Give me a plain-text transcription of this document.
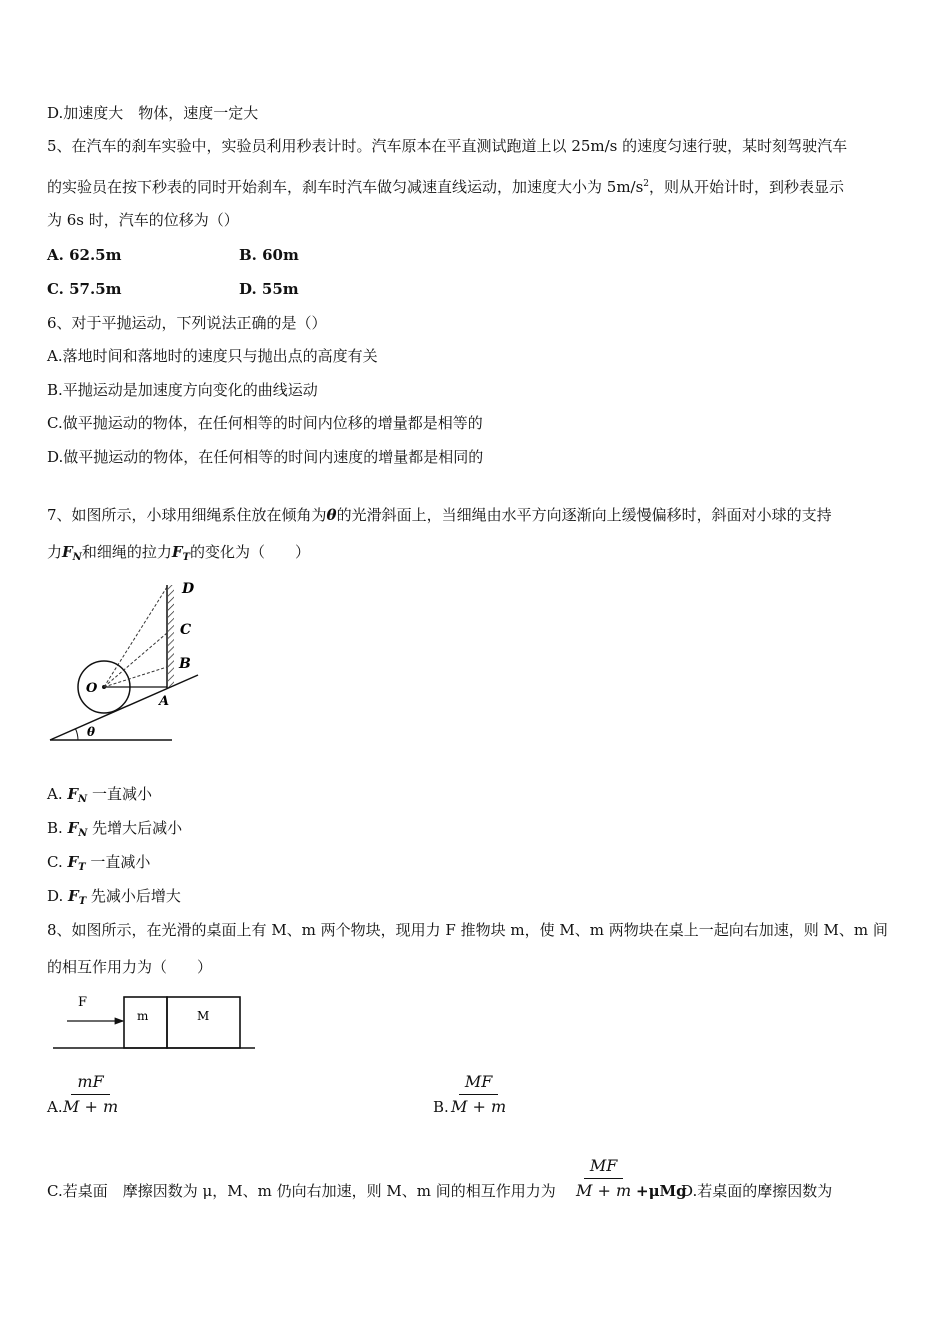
D.加速度大　物体，速度一定大
5、在汽车的刹车实验中，实验员利用秒表计时。汽车原本在平直测试跑道上以 25m/s 的速度匀速行驶，某时刻驾驶汽车
的实验员在按下秒表的同时开始刹车，刹车时汽车做匀减速直线运动，加速度大小为 $5m/s^2$，则从开始计时，到秒表显示
为 6s 时，汽车的位移为（）
A. 62.5m	B. 60m
C. 57.5m	D. 55m
6、对于平抛运动，下列说法正确的是（）
A.落地时间和落地时的速度只与抛出点的高度有关
B.平抛运动是加速度方向变化的曲线运动
C.做平抛运动的物体，在任何相等的时间内位移的增量都是相等的
D.做平抛运动的物体，在任何相等的时间内速度的增量都是相同的
7、如图所示，小球用细绳系住放在倾角为θ的光滑斜面上，当细绳由水平方向逐渐向上缓慢偏移时，斜面对小球的支持
力$F_N$和细绳的拉力$F_T$的变化为（　　）
D
C
B
O
A
θ
A. $F_N$ 一直减小
B. $F_N$ 先增大后减小
C. $F_T$ 一直减小
D. $F_T$ 先减小后增大
8、如图所示，在光滑的桌面上有 M、m 两个物块，现用力 F 推物块 m，使 M、m 两物块在桌上一起向右加速，则 M、m 间
的相互作用力为（　　）
F
m	M
A. $\frac{mF}{M + m}$	B. $\frac{MF}{M + m}$
C.若桌面　摩擦因数为 μ，M、m 仍向右加速，则 M、m 间的相互作用力为 $\frac{MF}{M + m} +\mu Mg$
D.若桌面的摩擦因数为
